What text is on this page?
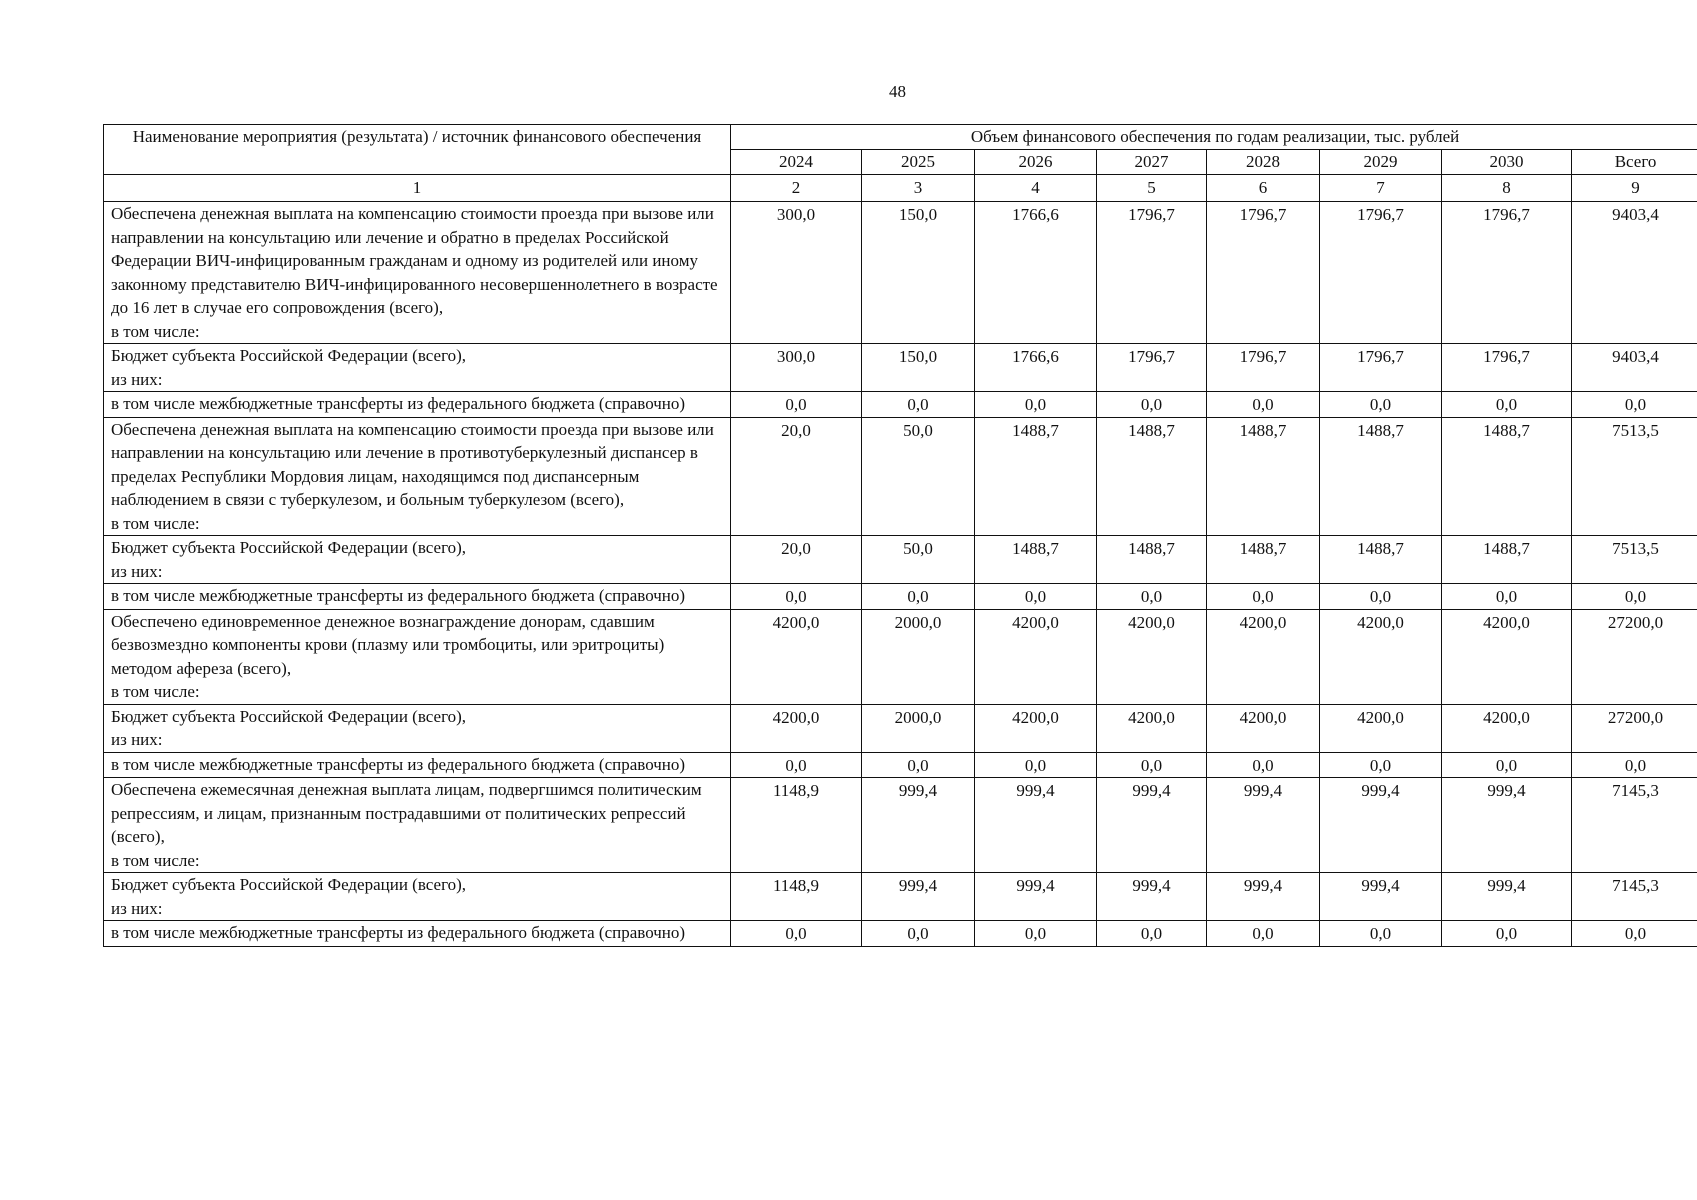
48
Наименование мероприятия (результата) / источник финансового обеспечения	Объем финансового обеспечения по годам реализации, тыс. рублей							
	2024	2025	2026	2027	2028	2029	2030	Всего
1	2	3	4	5	6	7	8	9
Обеспечена денежная выплата на компенсацию стоимости проезда при вызове или направлении на консультацию или лечение и обратно в пределах Российской Федерации ВИЧ-инфицированным гражданам и одному из родителей или иному законному представителю ВИЧ-инфицированного несовершеннолетнего в возрасте до 16 лет в случае его сопровождения (всего),
в том числе:	300,0	150,0	1766,6	1796,7	1796,7	1796,7	1796,7	9403,4
Бюджет субъекта Российской Федерации (всего),
из них:	300,0	150,0	1766,6	1796,7	1796,7	1796,7	1796,7	9403,4
в том числе межбюджетные трансферты из федерального бюджета (справочно)	0,0	0,0	0,0	0,0	0,0	0,0	0,0	0,0
Обеспечена денежная выплата на компенсацию стоимости проезда при вызове или направлении на консультацию или лечение в противотуберкулезный диспансер в пределах Республики Мордовия лицам, находящимся под диспансерным наблюдением в связи с туберкулезом, и больным туберкулезом (всего),
в том числе:	20,0	50,0	1488,7	1488,7	1488,7	1488,7	1488,7	7513,5
Бюджет субъекта Российской Федерации (всего),
из них:	20,0	50,0	1488,7	1488,7	1488,7	1488,7	1488,7	7513,5
в том числе межбюджетные трансферты из федерального бюджета (справочно)	0,0	0,0	0,0	0,0	0,0	0,0	0,0	0,0
Обеспечено единовременное денежное вознаграждение донорам, сдавшим безвозмездно компоненты крови (плазму или тромбоциты, или эритроциты) методом афереза (всего),
в том числе:	4200,0	2000,0	4200,0	4200,0	4200,0	4200,0	4200,0	27200,0
Бюджет субъекта Российской Федерации (всего),
из них:	4200,0	2000,0	4200,0	4200,0	4200,0	4200,0	4200,0	27200,0
в том числе межбюджетные трансферты из федерального бюджета (справочно)	0,0	0,0	0,0	0,0	0,0	0,0	0,0	0,0
Обеспечена ежемесячная денежная выплата лицам, подвергшимся политическим репрессиям, и лицам, признанным пострадавшими от политических репрессий (всего),
в том числе:	1148,9	999,4	999,4	999,4	999,4	999,4	999,4	7145,3
Бюджет субъекта Российской Федерации (всего),
из них:	1148,9	999,4	999,4	999,4	999,4	999,4	999,4	7145,3
в том числе межбюджетные трансферты из федерального бюджета (справочно)	0,0	0,0	0,0	0,0	0,0	0,0	0,0	0,0
